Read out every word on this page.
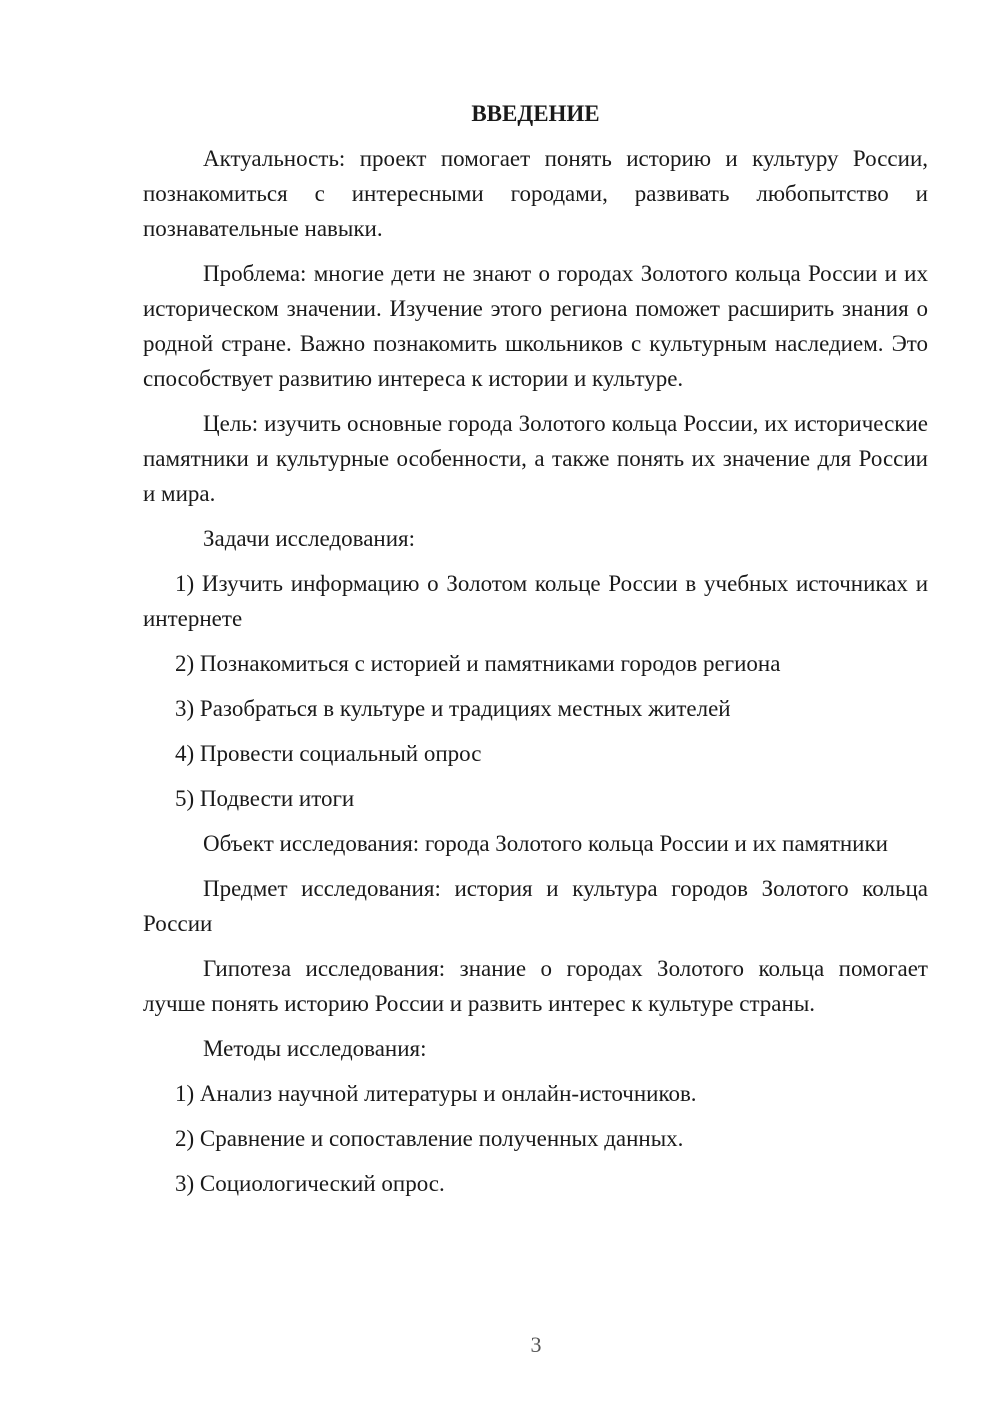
ВВЕДЕНИЕ

Актуальность: проект помогает понять историю и культуру России, познакомиться с интересными городами, развивать любопытство и познавательные навыки.

Проблема: многие дети не знают о городах Золотого кольца России и их историческом значении. Изучение этого региона поможет расширить знания о родной стране. Важно познакомить школьников с культурным наследием. Это способствует развитию интереса к истории и культуре.

Цель: изучить основные города Золотого кольца России, их исторические памятники и культурные особенности, а также понять их значение для России и мира.

Задачи исследования:

1) Изучить информацию о Золотом кольце России в учебных источниках и интернете

2) Познакомиться с историей и памятниками городов региона

3) Разобраться в культуре и традициях местных жителей

4) Провести социальный опрос

5) Подвести итоги

Объект исследования: города Золотого кольца России и их памятники

Предмет исследования: история и культура городов Золотого кольца России

Гипотеза исследования: знание о городах Золотого кольца помогает лучше понять историю России и развить интерес к культуре страны.

Методы исследования:

1) Анализ научной литературы и онлайн-источников.

2) Сравнение и сопоставление полученных данных.

3) Социологический опрос.

3
